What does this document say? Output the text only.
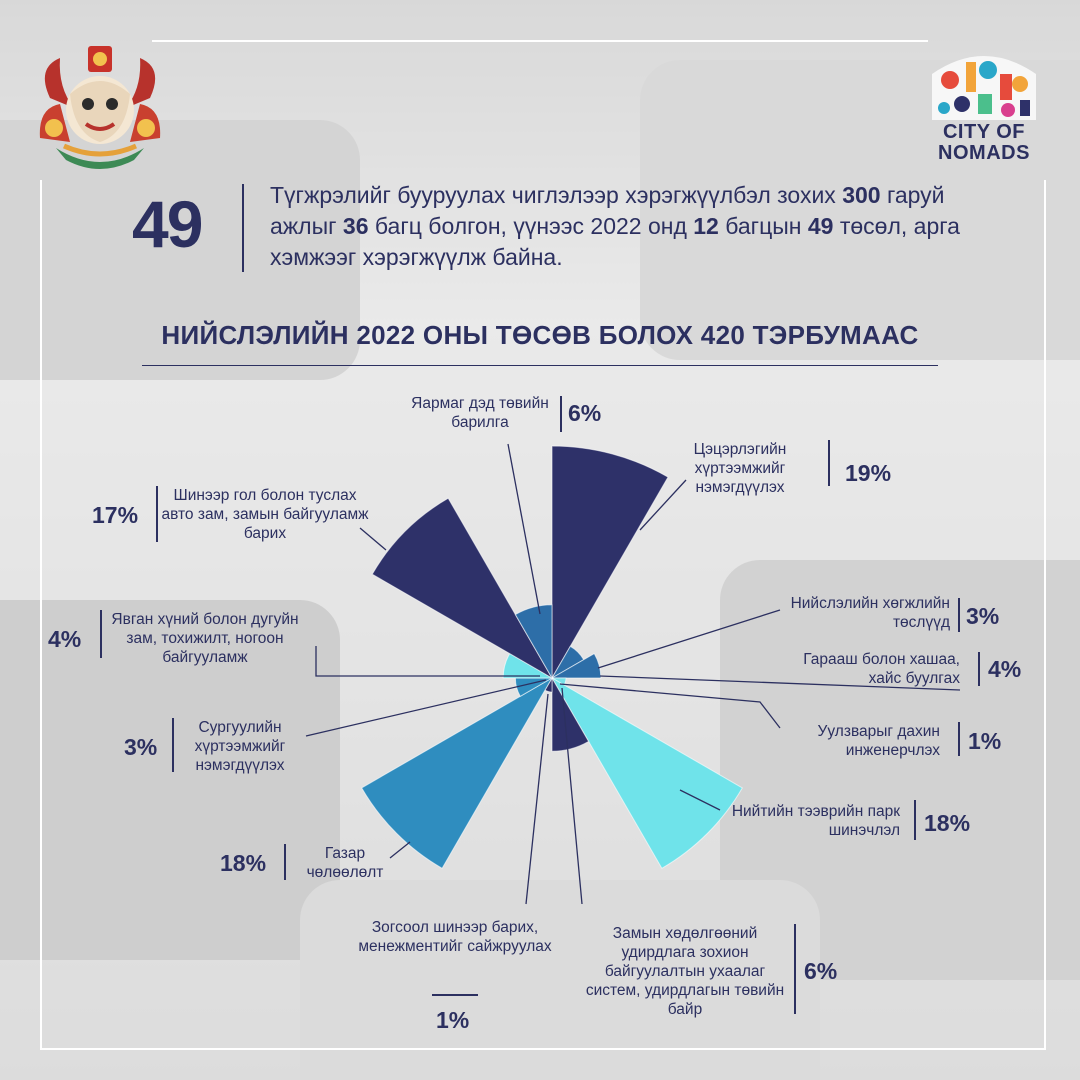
CITY OF NOMADS
49	Түгжрэлийг бууруулах чиглэлээр хэрэгжүүлбэл зохих 300 гаруй ажлыг 36 багц болгон, үүнээс 2022 онд 12 багцын 49 төсөл, арга хэмжээг хэрэгжүүлж байна.
НИЙСЛЭЛИЙН 2022 ОНЫ ТӨСӨВ БОЛОХ 420 ТЭРБУМААС
Цэцэрлэгийн хүртээмжийг нэмэгдүүлэх
19%
Нийслэлийн хөгжлийн төслүүд 3%
Гарааш болон хашаа, хайс буулгах 4%
Уулзварыг дахин инженерчлэх 1%
Нийтийн тээврийн парк шинэчлэл 18%
Замын хөдөлгөөний удирдлага зохион байгуулалтын ухаалаг систем, удирдлагын төвийн байр
6%
Зогсоол шинээр барих, менежментийг сайжруулах
1%
Газар чөлөөлөлт
18%
Сургуулийн хүртээмжийг нэмэгдүүлэх
3%
Явган хүний болон дугуйн зам, тохижилт, ногоон байгууламж
4%
Шинээр гол болон туслах авто зам, замын байгууламж барих
17%
Яармаг дэд төвийн барилга	6%
